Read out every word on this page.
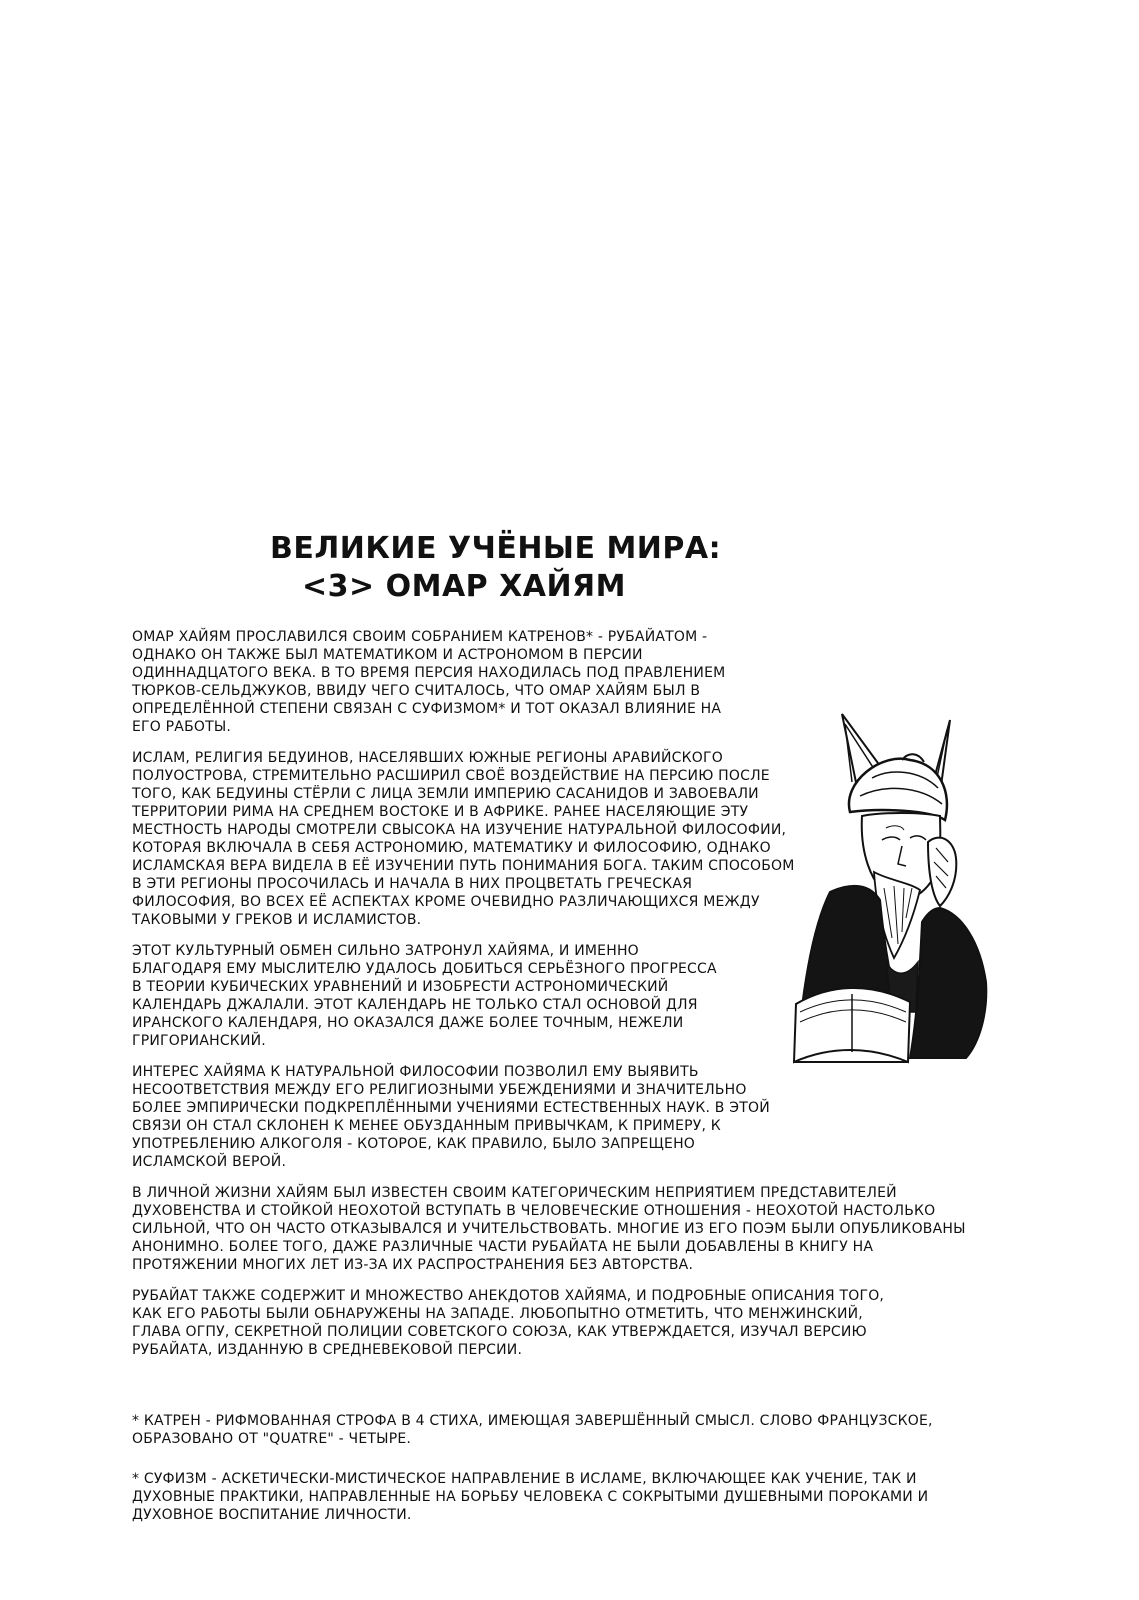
ВЕЛИКИЕ УЧЁНЫЕ МИРА:
<3> ОМАР ХАЙЯМ

ОМАР ХАЙЯМ ПРОСЛАВИЛСЯ СВОИМ СОБРАНИЕМ КАТРЕНОВ* - РУБАЙАТОМ - ОДНАКО ОН ТАКЖЕ БЫЛ МАТЕМАТИКОМ И АСТРОНОМОМ В ПЕРСИИ ОДИННАДЦАТОГО ВЕКА. В ТО ВРЕМЯ ПЕРСИЯ НАХОДИЛАСЬ ПОД ПРАВЛЕНИЕМ ТЮРКОВ-СЕЛЬДЖУКОВ, ВВИДУ ЧЕГО СЧИТАЛОСЬ, ЧТО ОМАР ХАЙЯМ БЫЛ В ОПРЕДЕЛЁННОЙ СТЕПЕНИ СВЯЗАН С СУФИЗМОМ* И ТОТ ОКАЗАЛ ВЛИЯНИЕ НА ЕГО РАБОТЫ.

ИСЛАМ, РЕЛИГИЯ БЕДУИНОВ, НАСЕЛЯВШИХ ЮЖНЫЕ РЕГИОНЫ АРАВИЙСКОГО ПОЛУОСТРОВА, СТРЕМИТЕЛЬНО РАСШИРИЛ СВОЁ ВОЗДЕЙСТВИЕ НА ПЕРСИЮ ПОСЛЕ ТОГО, КАК БЕДУИНЫ СТЁРЛИ С ЛИЦА ЗЕМЛИ ИМПЕРИЮ САСАНИДОВ И ЗАВОЕВАЛИ ТЕРРИТОРИИ РИМА НА СРЕДНЕМ ВОСТОКЕ И В АФРИКЕ. РАНЕЕ НАСЕЛЯЮЩИЕ ЭТУ МЕСТНОСТЬ НАРОДЫ СМОТРЕЛИ СВЫСОКА НА ИЗУЧЕНИЕ НАТУРАЛЬНОЙ ФИЛОСОФИИ, КОТОРАЯ ВКЛЮЧАЛА В СЕБЯ АСТРОНОМИЮ, МАТЕМАТИКУ И ФИЛОСОФИЮ, ОДНАКО ИСЛАМСКАЯ ВЕРА ВИДЕЛА В ЕЁ ИЗУЧЕНИИ ПУТЬ ПОНИМАНИЯ БОГА. ТАКИМ СПОСОБОМ В ЭТИ РЕГИОНЫ ПРОСОЧИЛАСЬ И НАЧАЛА В НИХ ПРОЦВЕТАТЬ ГРЕЧЕСКАЯ ФИЛОСОФИЯ, ВО ВСЕХ ЕЁ АСПЕКТАХ КРОМЕ ОЧЕВИДНО РАЗЛИЧАЮЩИХСЯ МЕЖДУ ТАКОВЫМИ У ГРЕКОВ И ИСЛАМИСТОВ.

ЭТОТ КУЛЬТУРНЫЙ ОБМЕН СИЛЬНО ЗАТРОНУЛ ХАЙЯМА, И ИМЕННО БЛАГОДАРЯ ЕМУ МЫСЛИТЕЛЮ УДАЛОСЬ ДОБИТЬСЯ СЕРЬЁЗНОГО ПРОГРЕССА В ТЕОРИИ КУБИЧЕСКИХ УРАВНЕНИЙ И ИЗОБРЕСТИ АСТРОНОМИЧЕСКИЙ КАЛЕНДАРЬ ДЖАЛАЛИ. ЭТОТ КАЛЕНДАРЬ НЕ ТОЛЬКО СТАЛ ОСНОВОЙ ДЛЯ ИРАНСКОГО КАЛЕНДАРЯ, НО ОКАЗАЛСЯ ДАЖЕ БОЛЕЕ ТОЧНЫМ, НЕЖЕЛИ ГРИГОРИАНСКИЙ.

ИНТЕРЕС ХАЙЯМА К НАТУРАЛЬНОЙ ФИЛОСОФИИ ПОЗВОЛИЛ ЕМУ ВЫЯВИТЬ НЕСООТВЕТСТВИЯ МЕЖДУ ЕГО РЕЛИГИОЗНЫМИ УБЕЖДЕНИЯМИ И ЗНАЧИТЕЛЬНО БОЛЕЕ ЭМПИРИЧЕСКИ ПОДКРЕПЛЁННЫМИ УЧЕНИЯМИ ЕСТЕСТВЕННЫХ НАУК. В ЭТОЙ СВЯЗИ ОН СТАЛ СКЛОНЕН К МЕНЕЕ ОБУЗДАННЫМ ПРИВЫЧКАМ, К ПРИМЕРУ, К УПОТРЕБЛЕНИЮ АЛКОГОЛЯ - КОТОРОЕ, КАК ПРАВИЛО, БЫЛО ЗАПРЕЩЕНО ИСЛАМСКОЙ ВЕРОЙ.

В ЛИЧНОЙ ЖИЗНИ ХАЙЯМ БЫЛ ИЗВЕСТЕН СВОИМ КАТЕГОРИЧЕСКИМ НЕПРИЯТИЕМ ПРЕДСТАВИТЕЛЕЙ ДУХОВЕНСТВА И СТОЙКОЙ НЕОХОТОЙ ВСТУПАТЬ В ЧЕЛОВЕЧЕСКИЕ ОТНОШЕНИЯ - НЕОХОТОЙ НАСТОЛЬКО СИЛЬНОЙ, ЧТО ОН ЧАСТО ОТКАЗЫВАЛСЯ И УЧИТЕЛЬСТВОВАТЬ. МНОГИЕ ИЗ ЕГО ПОЭМ БЫЛИ ОПУБЛИКОВАНЫ АНОНИМНО. БОЛЕЕ ТОГО, ДАЖЕ РАЗЛИЧНЫЕ ЧАСТИ РУБАЙАТА НЕ БЫЛИ ДОБАВЛЕНЫ В КНИГУ НА ПРОТЯЖЕНИИ МНОГИХ ЛЕТ ИЗ-ЗА ИХ РАСПРОСТРАНЕНИЯ БЕЗ АВТОРСТВА.

РУБАЙАТ ТАКЖЕ СОДЕРЖИТ И МНОЖЕСТВО АНЕКДОТОВ ХАЙЯМА, И ПОДРОБНЫЕ ОПИСАНИЯ ТОГО, КАК ЕГО РАБОТЫ БЫЛИ ОБНАРУЖЕНЫ НА ЗАПАДЕ. ЛЮБОПЫТНО ОТМЕТИТЬ, ЧТО МЕНЖИНСКИЙ, ГЛАВА ОГПУ, СЕКРЕТНОЙ ПОЛИЦИИ СОВЕТСКОГО СОЮЗА, КАК УТВЕРЖДАЕТСЯ, ИЗУЧАЛ ВЕРСИЮ РУБАЙАТА, ИЗДАННУЮ В СРЕДНЕВЕКОВОЙ ПЕРСИИ.

* КАТРЕН - РИФМОВАННАЯ СТРОФА В 4 СТИХА, ИМЕЮЩАЯ ЗАВЕРШЁННЫЙ СМЫСЛ. СЛОВО ФРАНЦУЗСКОЕ, ОБРАЗОВАНО ОТ "QUATRE" - ЧЕТЫРЕ.

* СУФИЗМ - АСКЕТИЧЕСКИ-МИСТИЧЕСКОЕ НАПРАВЛЕНИЕ В ИСЛАМЕ, ВКЛЮЧАЮЩЕЕ КАК УЧЕНИЕ, ТАК И ДУХОВНЫЕ ПРАКТИКИ, НАПРАВЛЕННЫЕ НА БОРЬБУ ЧЕЛОВЕКА С СОКРЫТЫМИ ДУШЕВНЫМИ ПОРОКАМИ И ДУХОВНОЕ ВОСПИТАНИЕ ЛИЧНОСТИ.
